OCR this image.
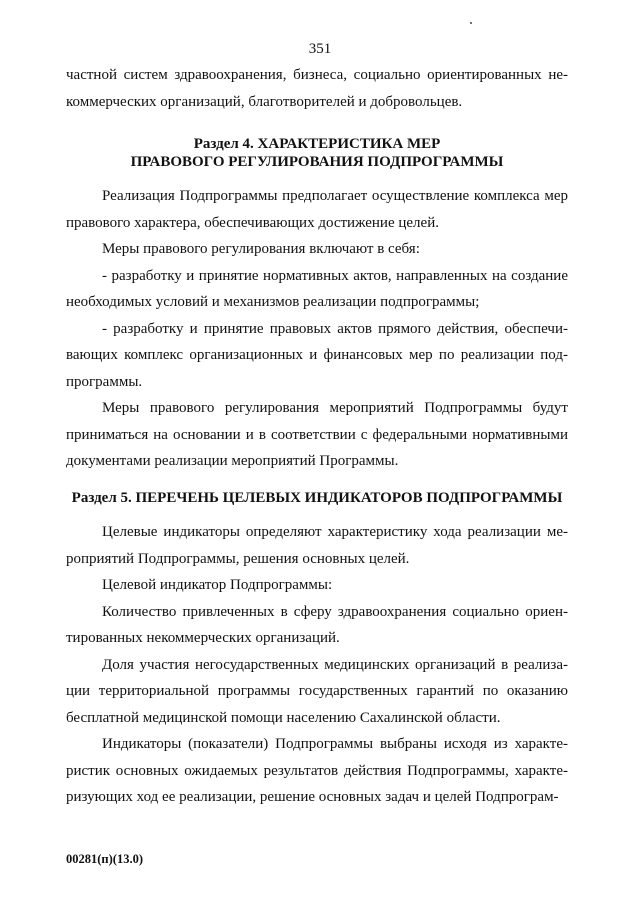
351

частной систем здравоохранения, бизнеса, социально ориентированных не-

коммерческих организаций, благотворителей и добровольцев.

Раздел 4. ХАРАКТЕРИСТИКА МЕР
ПРАВОВОГО РЕГУЛИРОВАНИЯ ПОДПРОГРАММЫ

Реализация Подпрограммы предполагает осуществление комплекса мер правового характера, обеспечивающих достижение целей.

Меры правового регулирования включают в себя:

- разработку и принятие нормативных актов, направленных на создание необходимых условий и механизмов реализации подпрограммы;

- разработку и принятие правовых актов прямого действия, обеспечивающих комплекс организационных и финансовых мер по реализации подпрограммы.

Меры правового регулирования мероприятий Подпрограммы будут приниматься на основании и в соответствии с федеральными нормативными документами реализации мероприятий Программы.

Раздел 5. ПЕРЕЧЕНЬ ЦЕЛЕВЫХ ИНДИКАТОРОВ ПОДПРОГРАММЫ

Целевые индикаторы определяют характеристику хода реализации мероприятий Подпрограммы, решения основных целей.

Целевой индикатор Подпрограммы:

Количество привлеченных в сферу здравоохранения социально ориентированных некоммерческих организаций.

Доля участия негосударственных медицинских организаций в реализации территориальной программы государственных гарантий по оказанию бесплатной медицинской помощи населению Сахалинской области.

Индикаторы (показатели) Подпрограммы выбраны исходя из характеристик основных ожидаемых результатов действия Подпрограммы, характеризующих ход ее реализации, решение основных задач и целей Подпрограм-

00281(п)(13.0)
